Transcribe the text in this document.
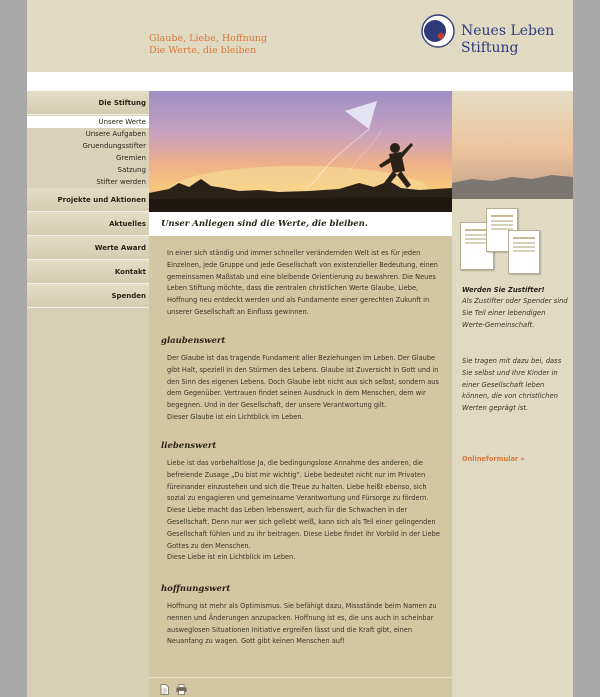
Glaube, Liebe, Hoffnung
Die Werte, die bleiben
Neues Leben
Stiftung
Die Stiftung
Unsere Werte
Unsere Aufgaben
Gruendungsstifter
Gremien
Satzung
Stifter werden
Projekte und Aktionen
Aktuelles
Werte Award
Kontakt
Spenden
Unser Anliegen sind die Werte, die bleiben.
In einer sich ständig und immer schneller verändernden Welt ist es für jeden Einzelnen, jede Gruppe und jede Gesellschaft von existenzieller Bedeutung, einen gemeinsamen Maßstab und eine bleibende Orientierung zu bewahren. Die Neues Leben Stiftung möchte, dass die zentralen christlichen Werte Glaube, Liebe, Hoffnung neu entdeckt werden und als Fundamente einer gerechten Zukunft in unserer Gesellschaft an Einfluss gewinnen.
glaubenswert
Der Glaube ist das tragende Fundament aller Beziehungen im Leben. Der Glaube gibt Halt, speziell in den Stürmen des Lebens. Glaube ist Zuversicht in Gott und in den Sinn des eigenen Lebens. Doch Glaube lebt nicht aus sich selbst, sondern aus dem Gegenüber. Vertrauen findet seinen Ausdruck in dem Menschen, dem wir begegnen. Und in der Gesellschaft, der unsere Verantwortung gilt.
Dieser Glaube ist ein Lichtblick im Leben.
liebenswert
Liebe ist das vorbehaltlose Ja, die bedingungslose Annahme des anderen, die befreiende Zusage „Du bist mir wichtig“. Liebe bedeutet nicht nur im Privaten füreinander einzustehen und sich die Treue zu halten. Liebe heißt ebenso, sich sozial zu engagieren und gemeinsame Verantwortung und Fürsorge zu fördern. Diese Liebe macht das Leben lebenswert, auch für die Schwachen in der Gesellschaft. Denn nur wer sich geliebt weiß, kann sich als Teil einer gelingenden Gesellschaft fühlen und zu ihr beitragen. Diese Liebe findet ihr Vorbild in der Liebe Gottes zu den Menschen.
Diese Liebe ist ein Lichtblick im Leben.
hoffnungswert
Hoffnung ist mehr als Optimismus. Sie befähigt dazu, Missstände beim Namen zu nennen und Änderungen anzupacken. Hoffnung ist es, die uns auch in scheinbar ausweglosen Situationen Initiative ergreifen lässt und die Kraft gibt, einen Neuanfang zu wagen. Gott gibt keinen Menschen auf!
Werden Sie Zustifter!
Als Zustifter oder Spender sind Sie Teil einer lebendigen Werte-Gemeinschaft.
Sie tragen mit dazu bei, dass Sie selbst und Ihre Kinder in einer Gesellschaft leben können, die von christlichen Werten geprägt ist.
Onlineformular »
